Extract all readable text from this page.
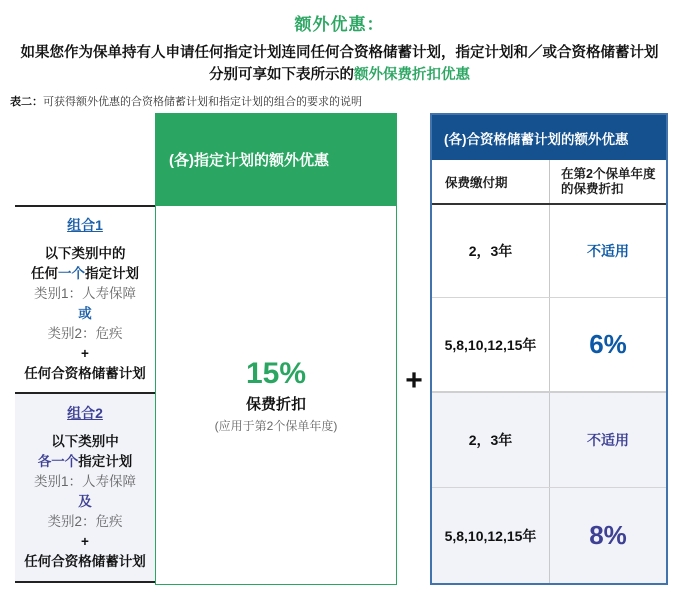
额外优惠：
如果您作为保单持有人申请任何指定计划连同任何合资格储蓄计划，指定计划和／或合资格储蓄计划
分别可享如下表所示的额外保费折扣优惠
表二：可获得额外优惠的合资格储蓄计划和指定计划的组合的要求的说明
组合1
以下类别中的
任何一个指定计划
类别1：人寿保障
或
类别2：危疾
+
任何合资格储蓄计划
组合2
以下类别中
各一个指定计划
类别1：人寿保障
及
类别2：危疾
+
任何合资格储蓄计划
(各)指定计划的额外优惠
15%
保费折扣
(应用于第2个保单年度)
+
(各)合资格储蓄计划的额外优惠
保费缴付期
在第2个保单年度的保费折扣
2，3年	不适用
5,8,10,12,15年	6%
2，3年	不适用
5,8,10,12,15年	8%
